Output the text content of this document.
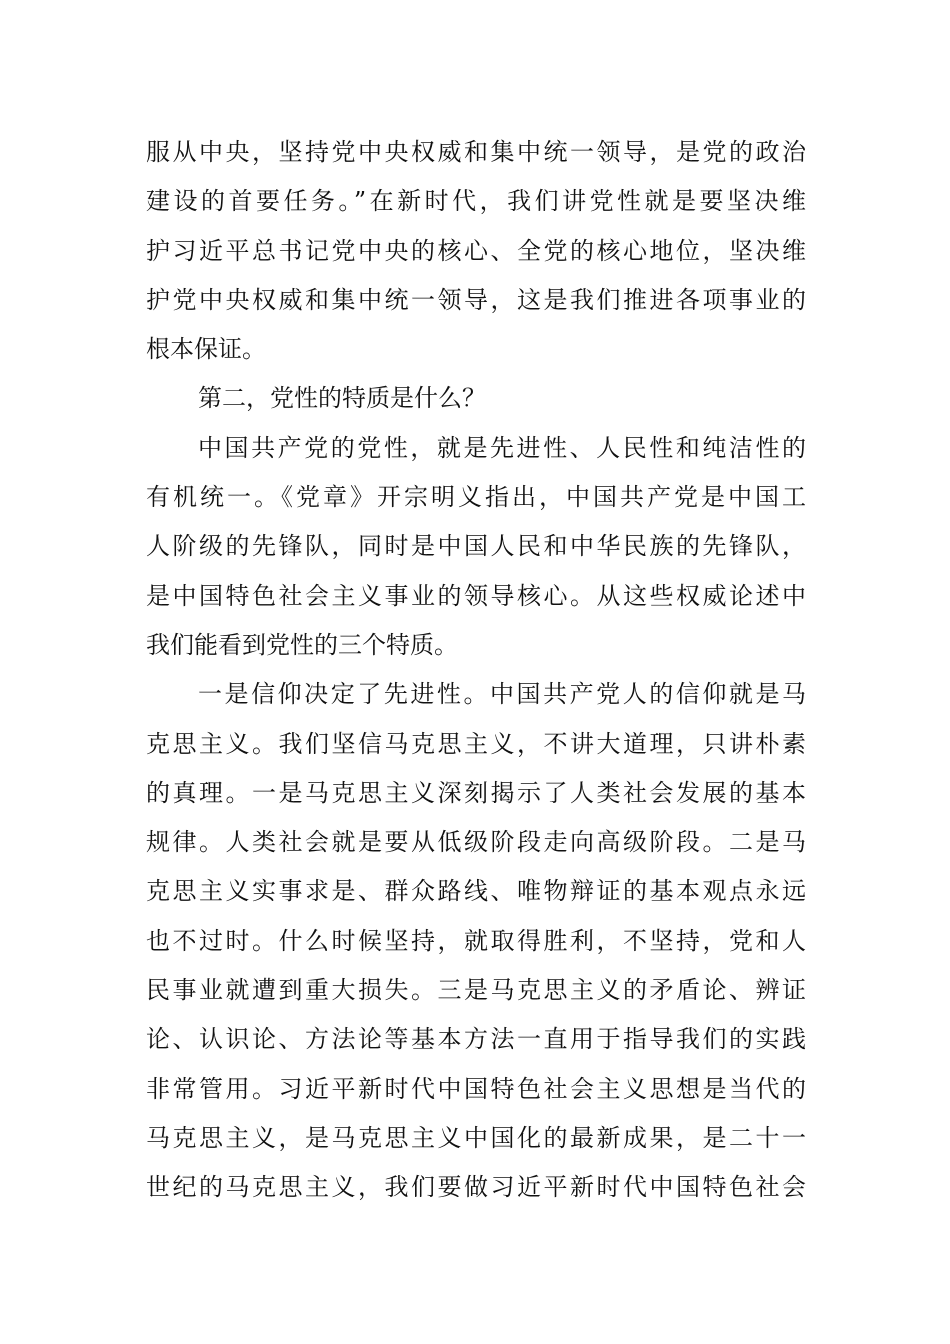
服从中央，坚持党中央权威和集中统一领导，是党的政治
建设的首要任务。”在新时代，我们讲党性就是要坚决维
护习近平总书记党中央的核心、全党的核心地位，坚决维
护党中央权威和集中统一领导，这是我们推进各项事业的
根本保证。
第二，党性的特质是什么？
中国共产党的党性，就是先进性、人民性和纯洁性的
有机统一。《党章》开宗明义指出，中国共产党是中国工
人阶级的先锋队，同时是中国人民和中华民族的先锋队，
是中国特色社会主义事业的领导核心。从这些权威论述中
我们能看到党性的三个特质。
一是信仰决定了先进性。中国共产党人的信仰就是马
克思主义。我们坚信马克思主义，不讲大道理，只讲朴素
的真理。一是马克思主义深刻揭示了人类社会发展的基本
规律。人类社会就是要从低级阶段走向高级阶段。二是马
克思主义实事求是、群众路线、唯物辩证的基本观点永远
也不过时。什么时候坚持，就取得胜利，不坚持，党和人
民事业就遭到重大损失。三是马克思主义的矛盾论、辨证
论、认识论、方法论等基本方法一直用于指导我们的实践
非常管用。习近平新时代中国特色社会主义思想是当代的
马克思主义，是马克思主义中国化的最新成果，是二十一
世纪的马克思主义，我们要做习近平新时代中国特色社会
